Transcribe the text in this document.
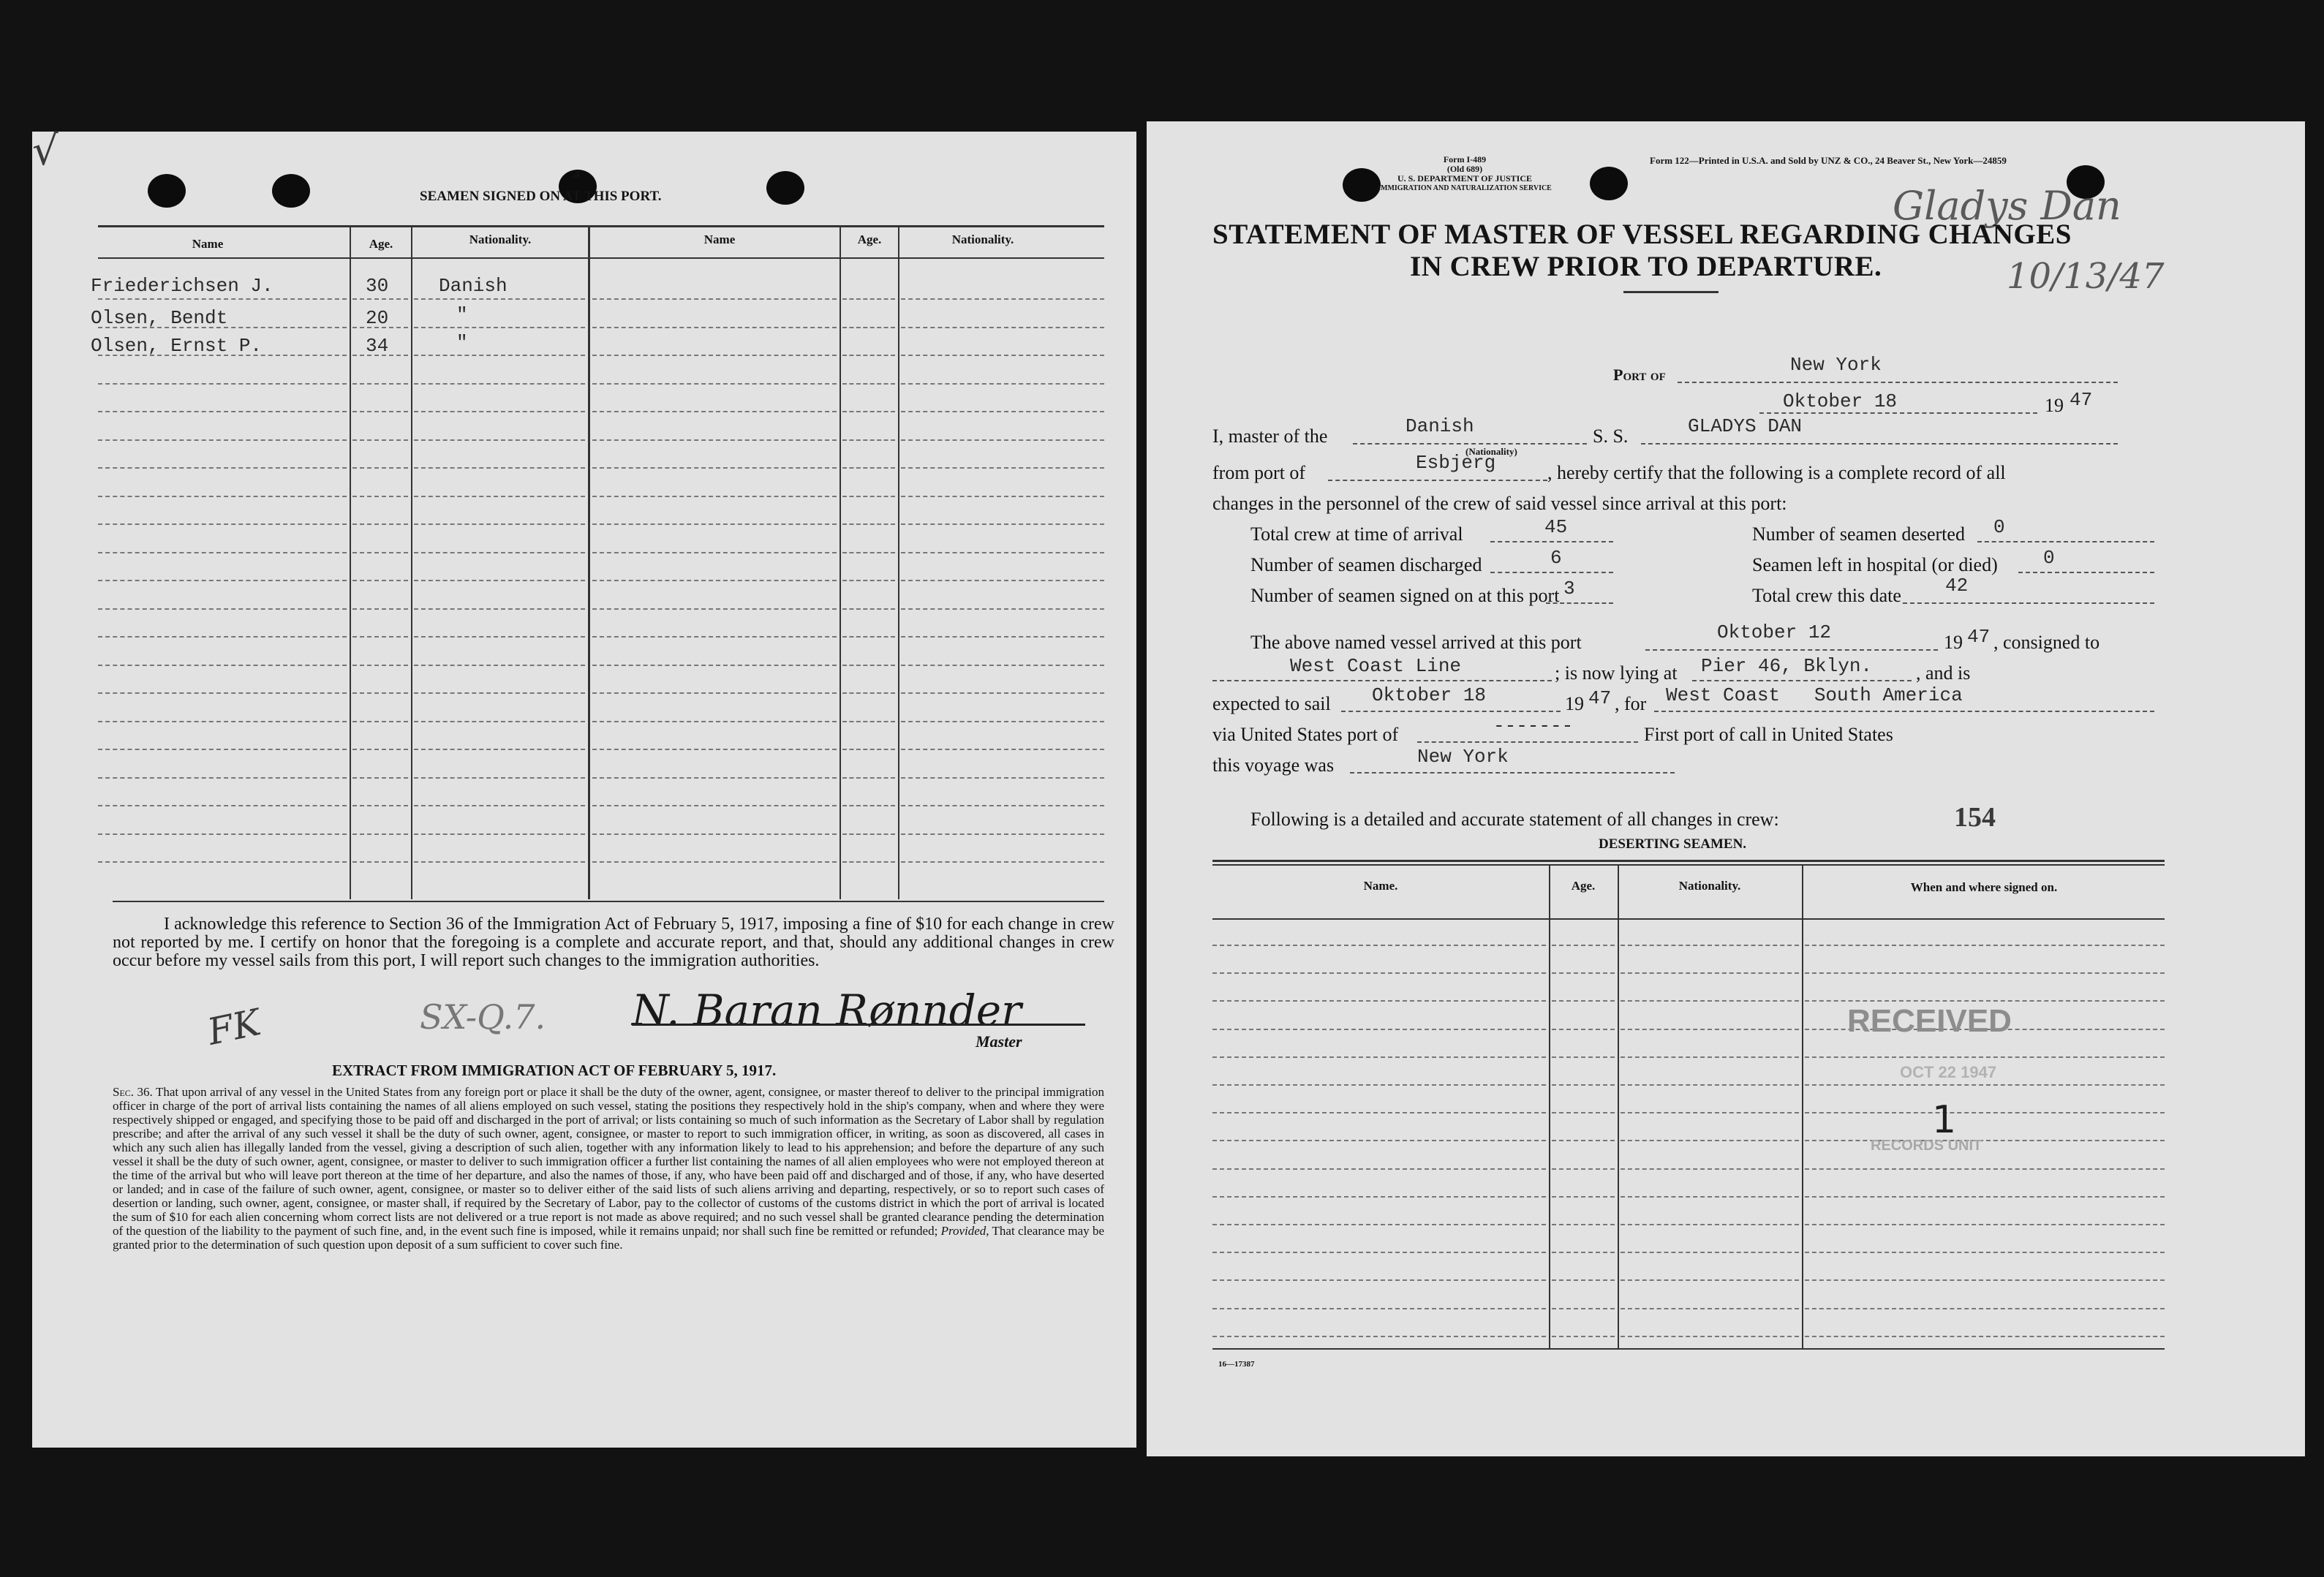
√	4
SEAMEN SIGNED ON AT THIS PORT.
Name	Age.	Nationality.	Name	Age.	Nationality.
Friederichsen J.	30	Danish
Olsen, Bendt	20	"
Olsen, Ernst P.	34	"
I acknowledge this reference to Section 36 of the Immigration Act of February 5, 1917, imposing a fine of $10 for each change in crew not reported by me. I certify on honor that the foregoing is a complete and accurate report, and that, should any additional changes in crew occur before my vessel sails from this port, I will report such changes to the immigration authorities.
FK	SX-Q.7. N. Baran Rønnder
Master
EXTRACT FROM IMMIGRATION ACT OF FEBRUARY 5, 1917.
Sec. 36. That upon arrival of any vessel in the United States from any foreign port or place it shall be the duty of the owner, agent, consignee, or master thereof to deliver to the principal immigration officer in charge of the port of arrival lists containing the names of all aliens employed on such vessel, stating the positions they respectively hold in the ship's company, when and where they were respectively shipped or engaged, and specifying those to be paid off and discharged in the port of arrival; or lists containing so much of such information as the Secretary of Labor shall by regulation prescribe; and after the arrival of any such vessel it shall be the duty of such owner, agent, consignee, or master to report to such immigration officer, in writing, as soon as discovered, all cases in which any such alien has illegally landed from the vessel, giving a description of such alien, together with any information likely to lead to his apprehension; and before the departure of any such vessel it shall be the duty of such owner, agent, consignee, or master to deliver to such immigration officer a further list containing the names of all alien employees who were not employed thereon at the time of the arrival but who will leave port thereon at the time of her departure, and also the names of those, if any, who have been paid off and discharged and of those, if any, who have deserted or landed; and in case of the failure of such owner, agent, consignee, or master so to deliver either of the said lists of such aliens arriving and departing, respectively, or so to report such cases of desertion or landing, such owner, agent, consignee, or master shall, if required by the Secretary of Labor, pay to the collector of customs of the customs district in which the port of arrival is located the sum of $10 for each alien concerning whom correct lists are not delivered or a true report is not made as above required; and no such vessel shall be granted clearance pending the determination of the question of the liability to the payment of such fine, and, in the event such fine is imposed, while it remains unpaid; nor shall such fine be remitted or refunded; Provided, That clearance may be granted prior to the determination of such question upon deposit of a sum sufficient to cover such fine.
Form I-489
(Old 689)
U. S. DEPARTMENT OF JUSTICE
IMMIGRATION AND NATURALIZATION SERVICE
Form 122—Printed in U.S.A. and Sold by UNZ & CO., 24 Beaver St., New York—24859
Gladys Dan
10/13/47
STATEMENT OF MASTER OF VESSEL REGARDING CHANGES
IN CREW PRIOR TO DEPARTURE.
Port of	New York
Oktober 18	19 47
I, master of the	Danish
(Nationality)
S. S.	GLADYS DAN
from port of	Esbjerg	, hereby certify that the following is a complete record of all
changes in the personnel of the crew of said vessel since arrival at this port:
Total crew at time of arrival	45	Number of seamen deserted 0
Number of seamen discharged	6	Seamen left in hospital (or died) 0
Number of seamen signed on at this port 3	Total crew this date 42
The above named vessel arrived at this port	Oktober 12	19 47 , consigned to
West Coast Line	; is now lying at Pier 46, Bklyn. , and is
expected to sail Oktober 18	19 47 , for West Coast   South America
via United States port of	-------	First port of call in United States
this voyage was	New York
Following is a detailed and accurate statement of all changes in crew:	154
DESERTING SEAMEN.
Name.	Age.	Nationality.	When and where signed on.
RECEIVED
OCT 22 1947
1
RECORDS UNIT
16—17387
